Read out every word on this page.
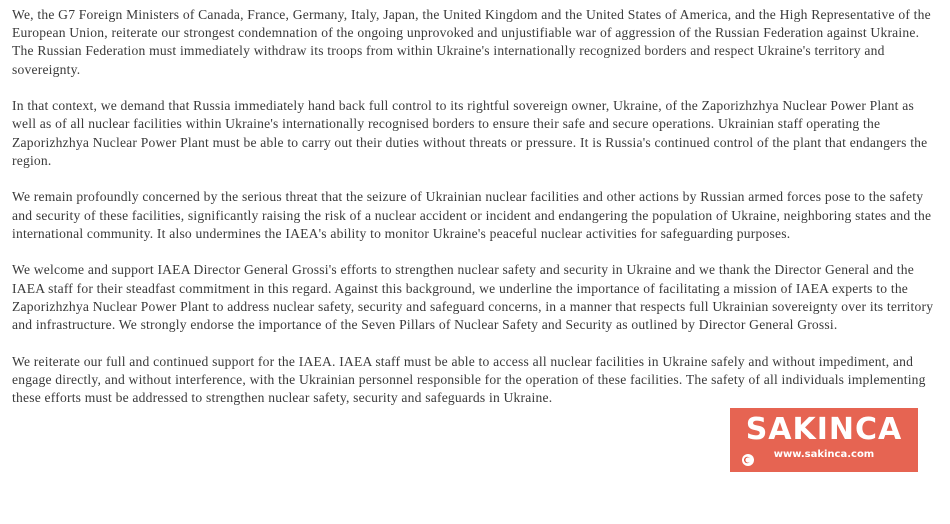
We, the G7 Foreign Ministers of Canada, France, Germany, Italy, Japan, the United Kingdom and the United States of America, and the High Representative of the European Union, reiterate our strongest condemnation of the ongoing unprovoked and unjustifiable war of aggression of the Russian Federation against Ukraine. The Russian Federation must immediately withdraw its troops from within Ukraine's internationally recognized borders and respect Ukraine's territory and sovereignty.

In that context, we demand that Russia immediately hand back full control to its rightful sovereign owner, Ukraine, of the Zaporizhzhya Nuclear Power Plant as well as of all nuclear facilities within Ukraine's internationally recognised borders to ensure their safe and secure operations. Ukrainian staff operating the Zaporizhzhya Nuclear Power Plant must be able to carry out their duties without threats or pressure. It is Russia's continued control of the plant that endangers the region.

We remain profoundly concerned by the serious threat that the seizure of Ukrainian nuclear facilities and other actions by Russian armed forces pose to the safety and security of these facilities, significantly raising the risk of a nuclear accident or incident and endangering the population of Ukraine, neighboring states and the international community. It also undermines the IAEA's ability to monitor Ukraine's peaceful nuclear activities for safeguarding purposes.

We welcome and support IAEA Director General Grossi's efforts to strengthen nuclear safety and security in Ukraine and we thank the Director General and the IAEA staff for their steadfast commitment in this regard. Against this background, we underline the importance of facilitating a mission of IAEA experts to the Zaporizhzhya Nuclear Power Plant to address nuclear safety, security and safeguard concerns, in a manner that respects full Ukrainian sovereignty over its territory and infrastructure. We strongly endorse the importance of the Seven Pillars of Nuclear Safety and Security as outlined by Director General Grossi.

We reiterate our full and continued support for the IAEA. IAEA staff must be able to access all nuclear facilities in Ukraine safely and without impediment, and engage directly, and without interference, with the Ukrainian personnel responsible for the operation of these facilities. The safety of all individuals implementing these efforts must be addressed to strengthen nuclear safety, security and safeguards in Ukraine.

SAKINCA
www.sakinca.com
